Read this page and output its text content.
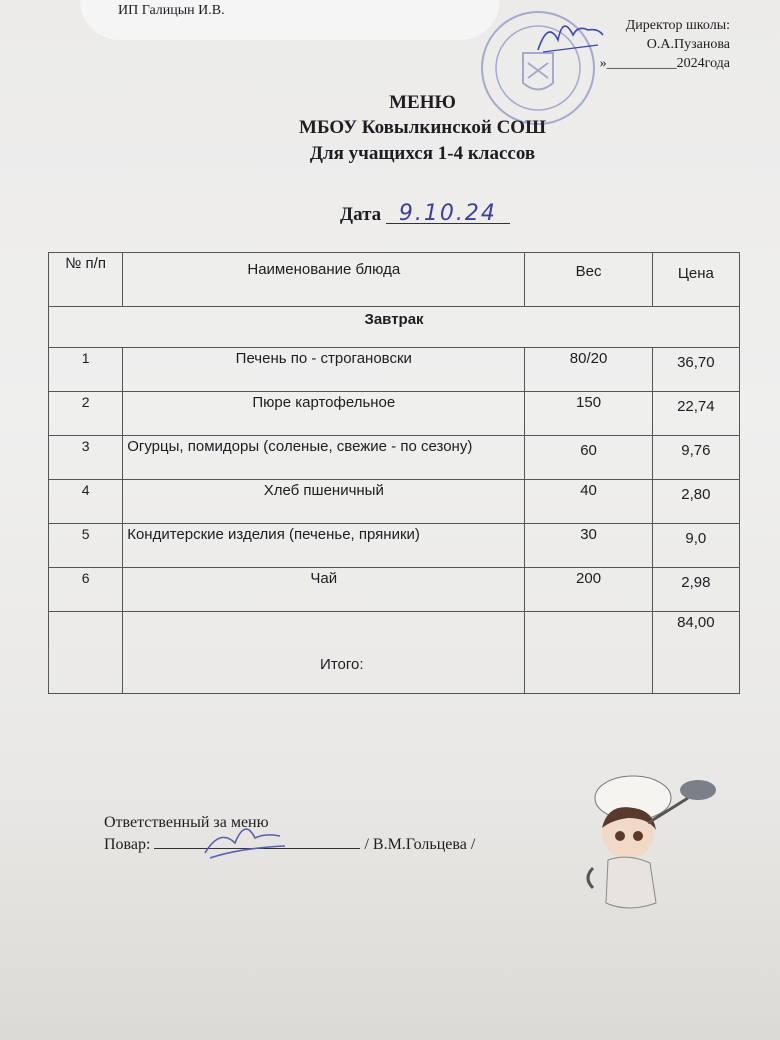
ИП Галицын И.В.
Директор школы:
О.А.Пузанова
»__________2024года
МЕНЮ
МБОУ Ковылкинской СОШ
Для учащихся 1-4 классов
Дата 9.10.24
№ п/п	Наименование блюда	Вес	Цена
Завтрак			
1	Печень по - строгановски	80/20	36,70
2	Пюре картофельное	150	22,74
3	Огурцы, помидоры (соленые, свежие - по сезону)	60	9,76
4	Хлеб пшеничный	40	2,80
5	Кондитерские изделия (печенье, пряники)	30	9,0
6	Чай	200	2,98
	Итого:		84,00
Ответственный за меню
Повар:	/ В.М.Гольцева /
